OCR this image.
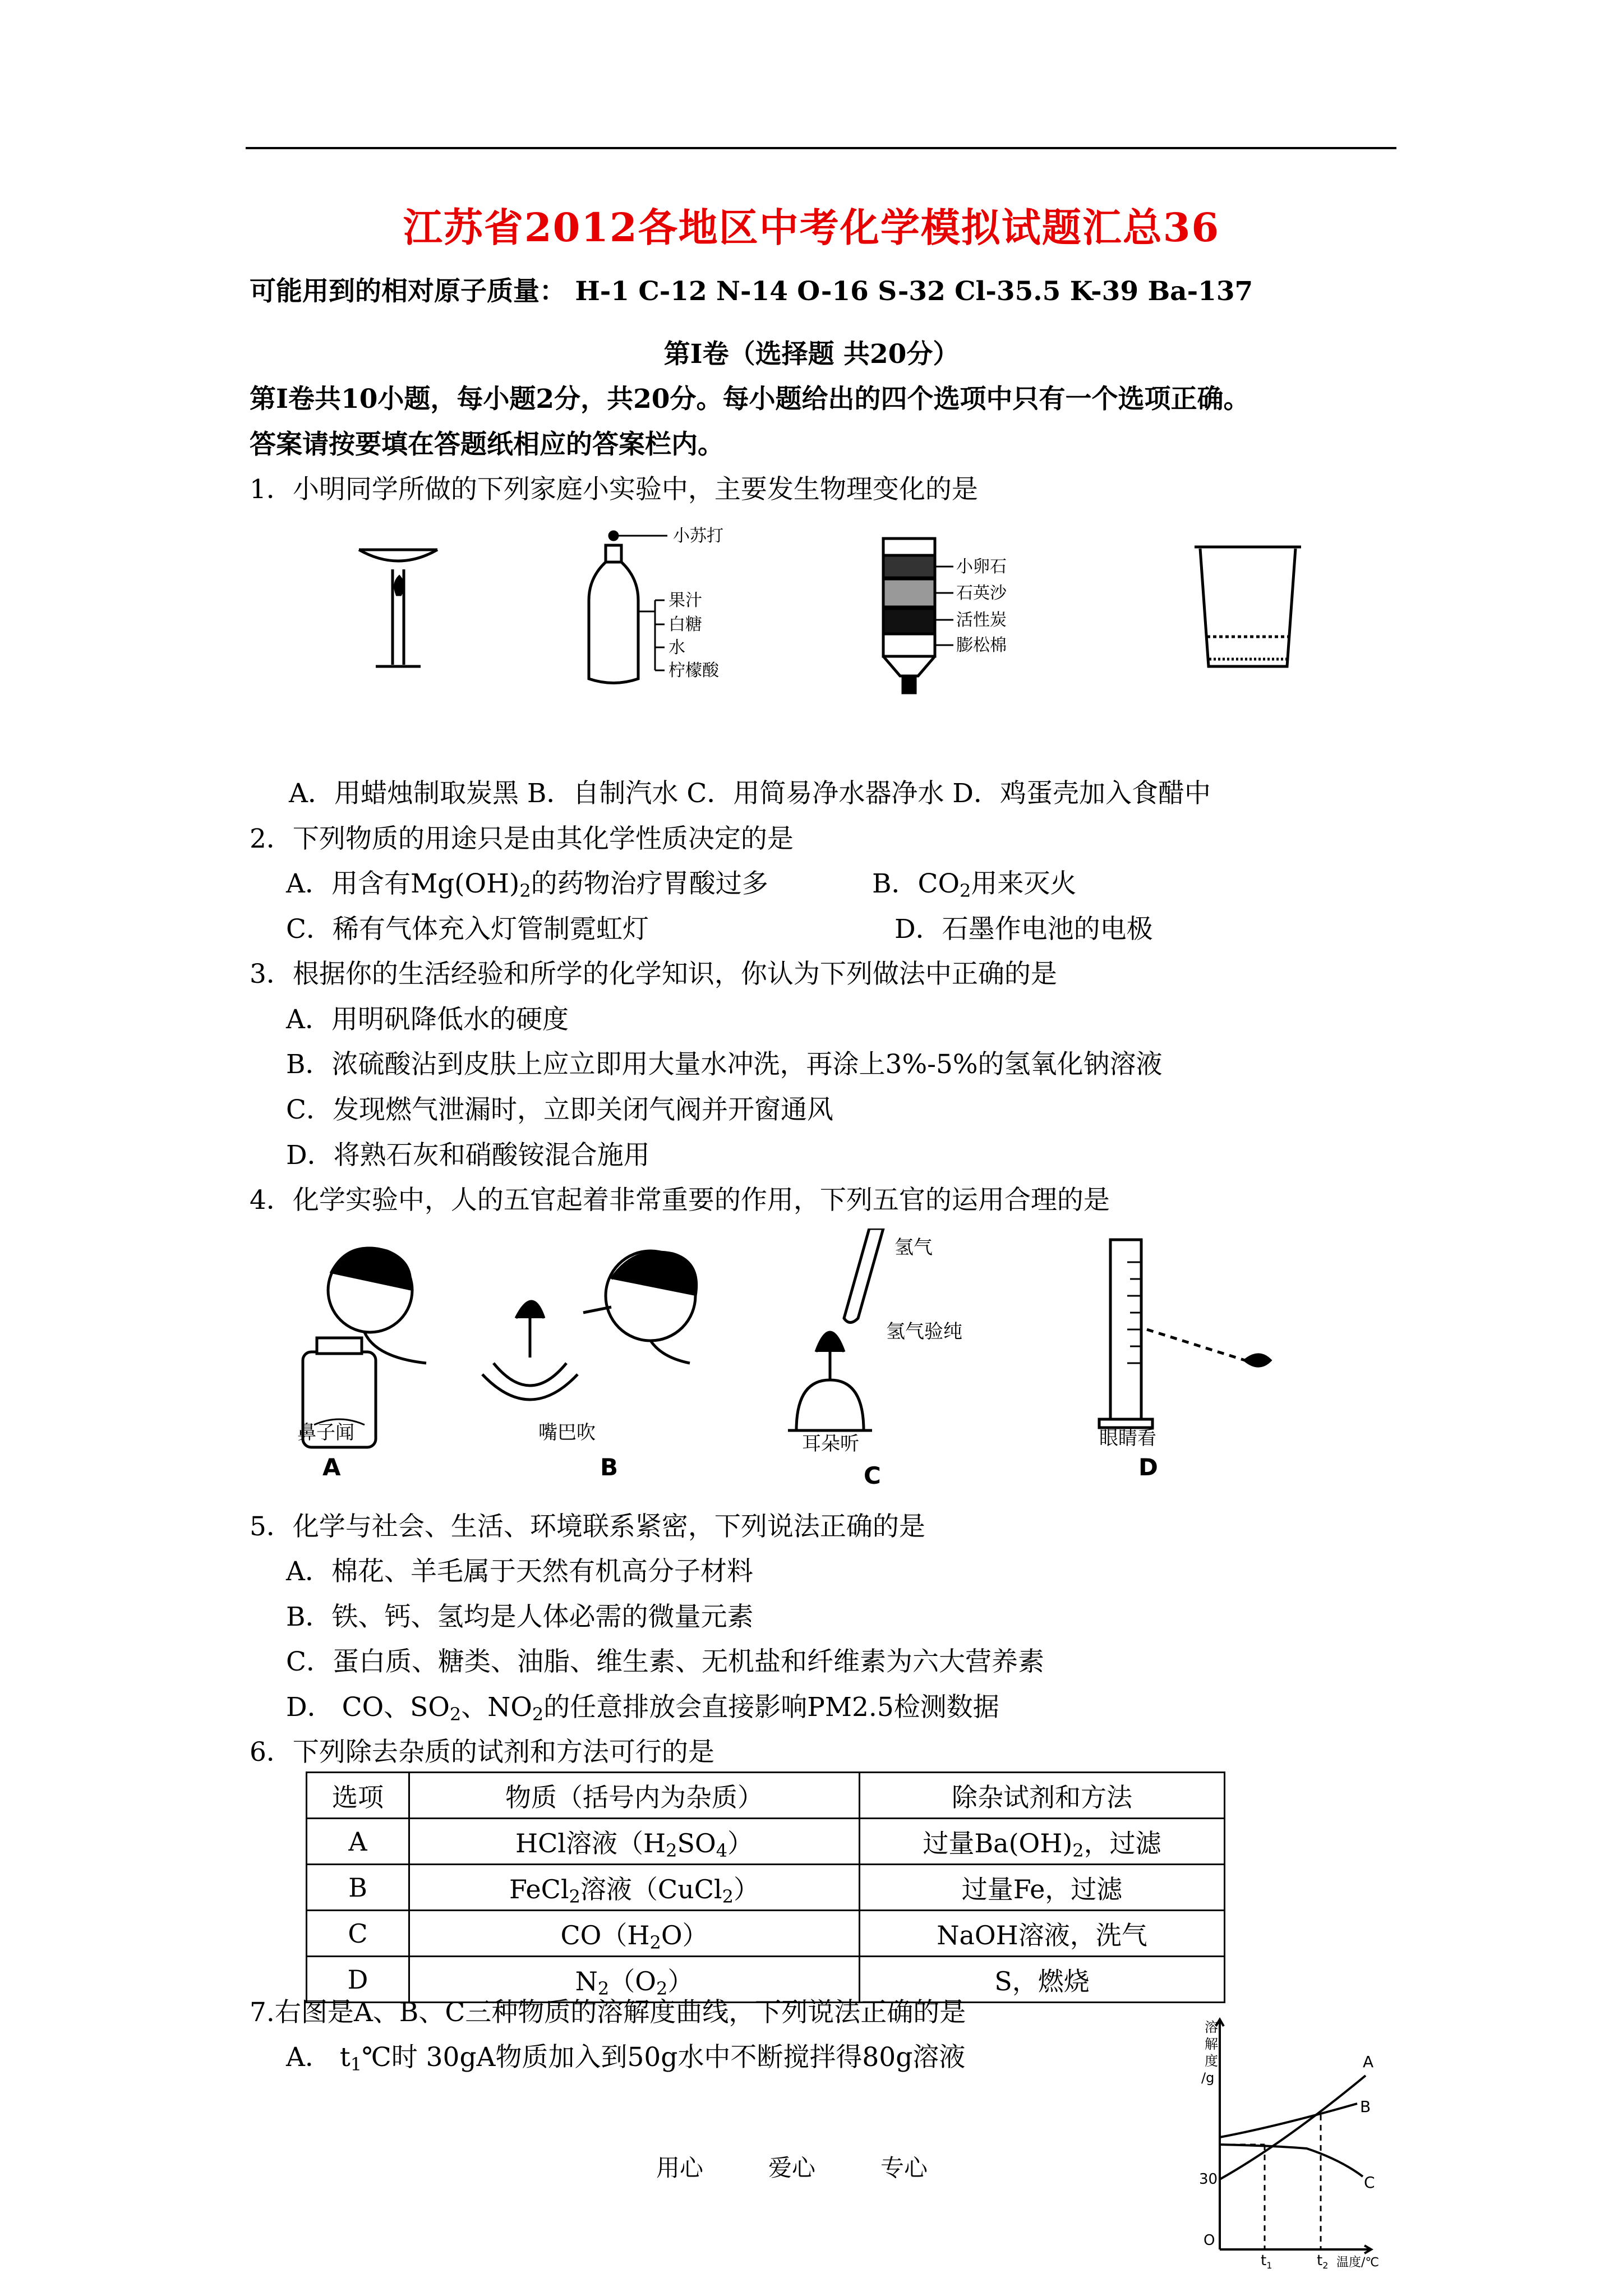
江苏省2012各地区中考化学模拟试题汇总36
可能用到的相对原子质量： H-1 C-12 N-14 O-16 S-32 Cl-35.5 K-39 Ba-137
第Ⅰ卷（选择题 共20分）
第Ⅰ卷共10小题，每小题2分，共20分。每小题给出的四个选项中只有一个选项正确。
答案请按要填在答题纸相应的答案栏内。
1．小明同学所做的下列家庭小实验中，主要发生物理变化的是
小苏打
果汁
白糖
水
柠檬酸
小卵石
石英沙
活性炭
膨松棉
A．用蜡烛制取炭黑 B．自制汽水 C．用简易净水器净水 D．鸡蛋壳加入食醋中
2．下列物质的用途只是由其化学性质决定的是
A．用含有$Mg(OH)_2$的药物治疗胃酸过多	B．$CO_2$用来灭火
C．稀有气体充入灯管制霓虹灯	D．石墨作电池的电极
3．根据你的生活经验和所学的化学知识，你认为下列做法中正确的是
A．用明矾降低水的硬度
B．浓硫酸沾到皮肤上应立即用大量水冲洗，再涂上3%-5%的氢氧化钠溶液
C．发现燃气泄漏时，立即关闭气阀并开窗通风
D．将熟石灰和硝酸铵混合施用
4．化学实验中，人的五官起着非常重要的作用，下列五官的运用合理的是
氢气
氢气验纯
鼻子闻	嘴巴吹	耳朵听	眼睛看
A	B	C	D
5．化学与社会、生活、环境联系紧密，下列说法正确的是
A．棉花、羊毛属于天然有机高分子材料
B．铁、钙、氢均是人体必需的微量元素
C．蛋白质、糖类、油脂、维生素、无机盐和纤维素为六大营养素
D． CO、$SO_2$、$NO_2$的任意排放会直接影响PM2.5检测数据
6．下列除去杂质的试剂和方法可行的是
选项	物质（括号内为杂质）	除杂试剂和方法
A	HCl溶液$(H_2SO_4)$	过量$Ba(OH)_2$，过滤
B	FeCl$_2$溶液（CuCl$_2$）	过量Fe，过滤
C	$CO(H_2O)$	NaOH溶液，洗气
D	$N_2(O_2)$	S，燃烧
7.右图是A、B、C三种物质的溶解度曲线，下列说法正确的是
A． $t_1℃$时 30gA物质加入到50g水中不断搅拌得80g溶液
溶
解
度
/g
30
O
$t_1$	$t_2$ 温度/℃
A
B
C
用心	爱心	专心
